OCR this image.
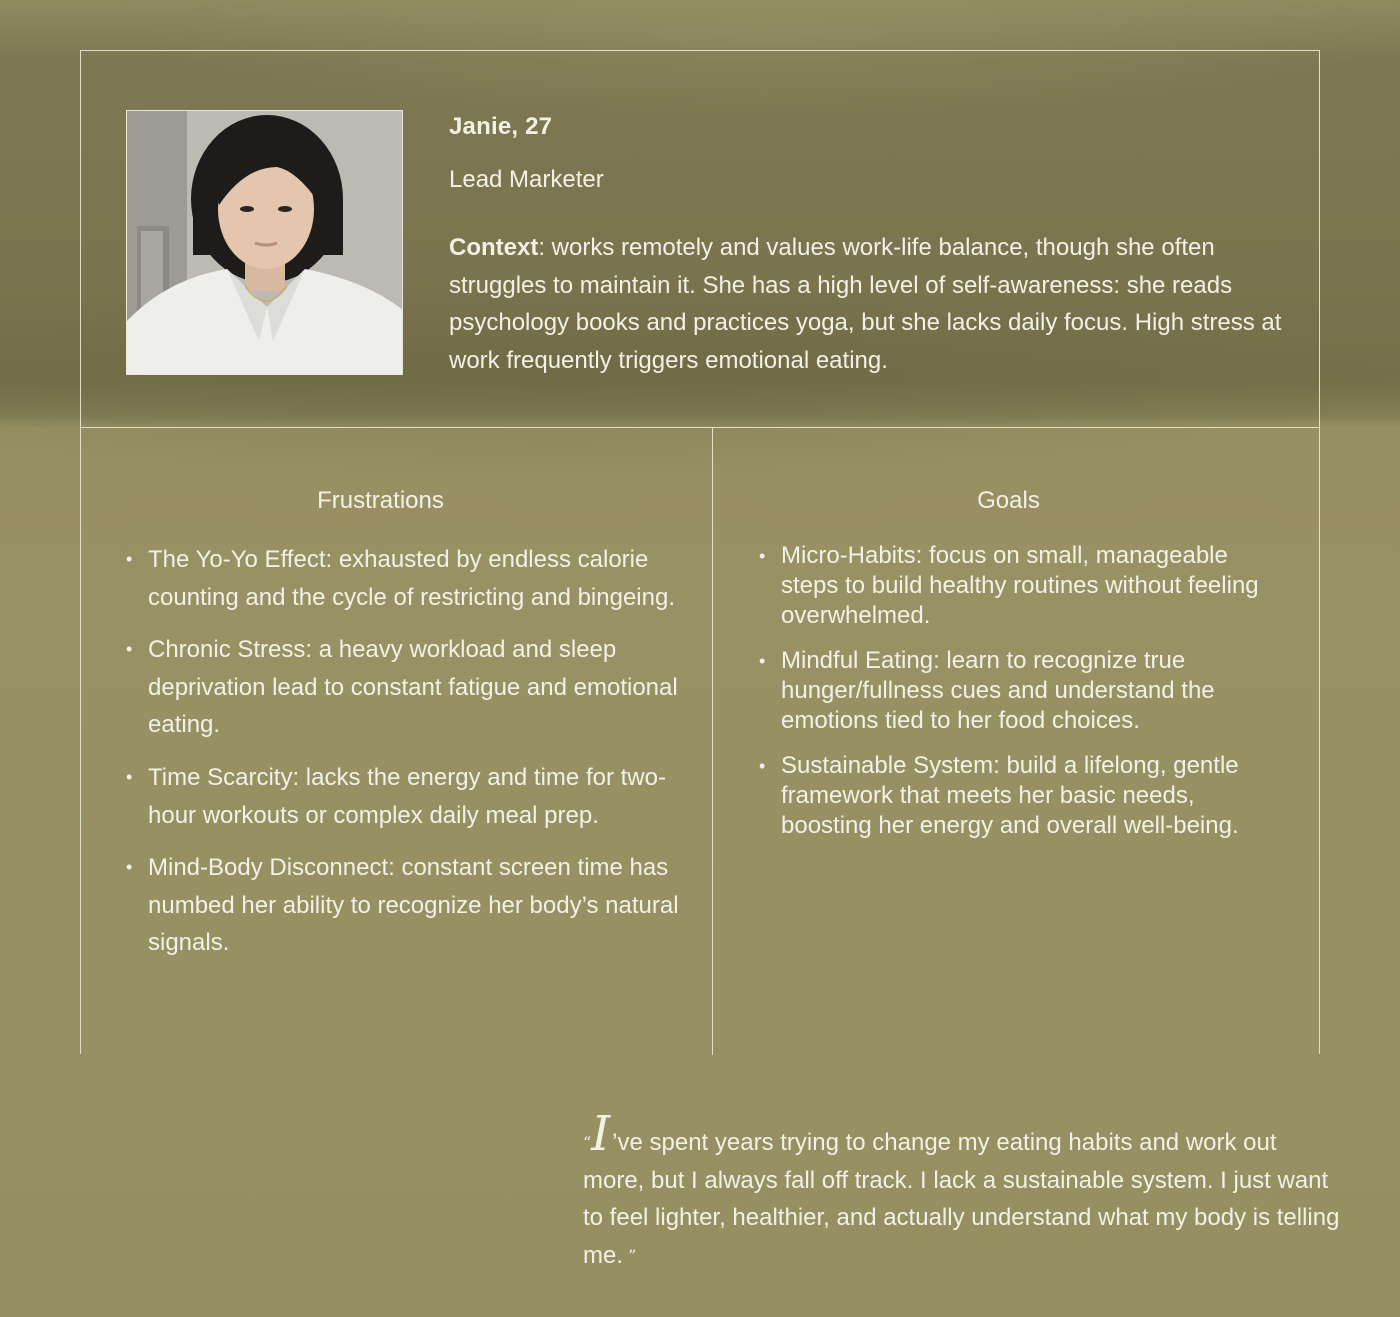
Janie, 27
Lead Marketer
Context: works remotely and values work-life balance, though she often struggles to maintain it. She has a high level of self-awareness: she reads psychology books and practices yoga, but she lacks daily focus. High stress at work frequently triggers emotional eating.
Frustrations
• The Yo-Yo Effect: exhausted by endless calorie counting and the cycle of restricting and bingeing.
• Chronic Stress: a heavy workload and sleep deprivation lead to constant fatigue and emotional eating.
• Time Scarcity: lacks the energy and time for two-hour workouts or complex daily meal prep.
• Mind-Body Disconnect: constant screen time has numbed her ability to recognize her body’s natural signals.
Goals
• Micro-Habits: focus on small, manageable steps to build healthy routines without feeling overwhelmed.
• Mindful Eating: learn to recognize true hunger/fullness cues and understand the emotions tied to her food choices.
• Sustainable System: build a lifelong, gentle framework that meets her basic needs, boosting her energy and overall well-being.
“I’ve spent years trying to change my eating habits and work out more, but I always fall off track. I lack a sustainable system. I just want to feel lighter, healthier, and actually understand what my body is telling me. ”
